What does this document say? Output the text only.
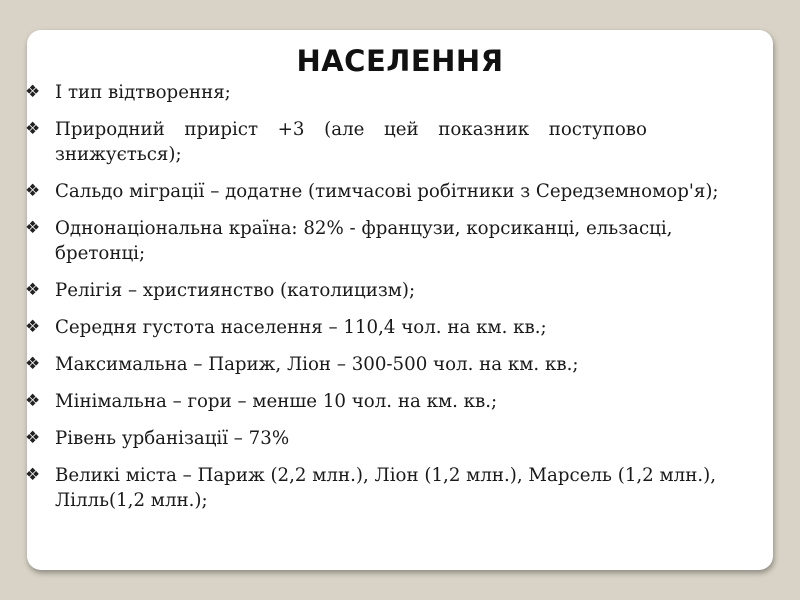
НАСЕЛЕННЯ
❖ І тип відтворення;
❖ Природний приріст +3 (але цей показник поступово знижується);
❖ Сальдо міграції – додатне (тимчасові робітники з Середземномор'я);
❖ Однонаціональна країна: 82% - французи, корсиканці, ельзасці, бретонці;
❖ Релігія – християнство (католицизм);
❖ Середня густота населення – 110,4 чол. на км. кв.;
❖ Максимальна – Париж, Ліон – 300-500 чол. на км. кв.;
❖ Мінімальна – гори – менше 10 чол. на км. кв.;
❖ Рівень урбанізації – 73%
❖ Великі міста – Париж (2,2 млн.), Ліон (1,2 млн.), Марсель (1,2 млн.), Лілль(1,2 млн.);
